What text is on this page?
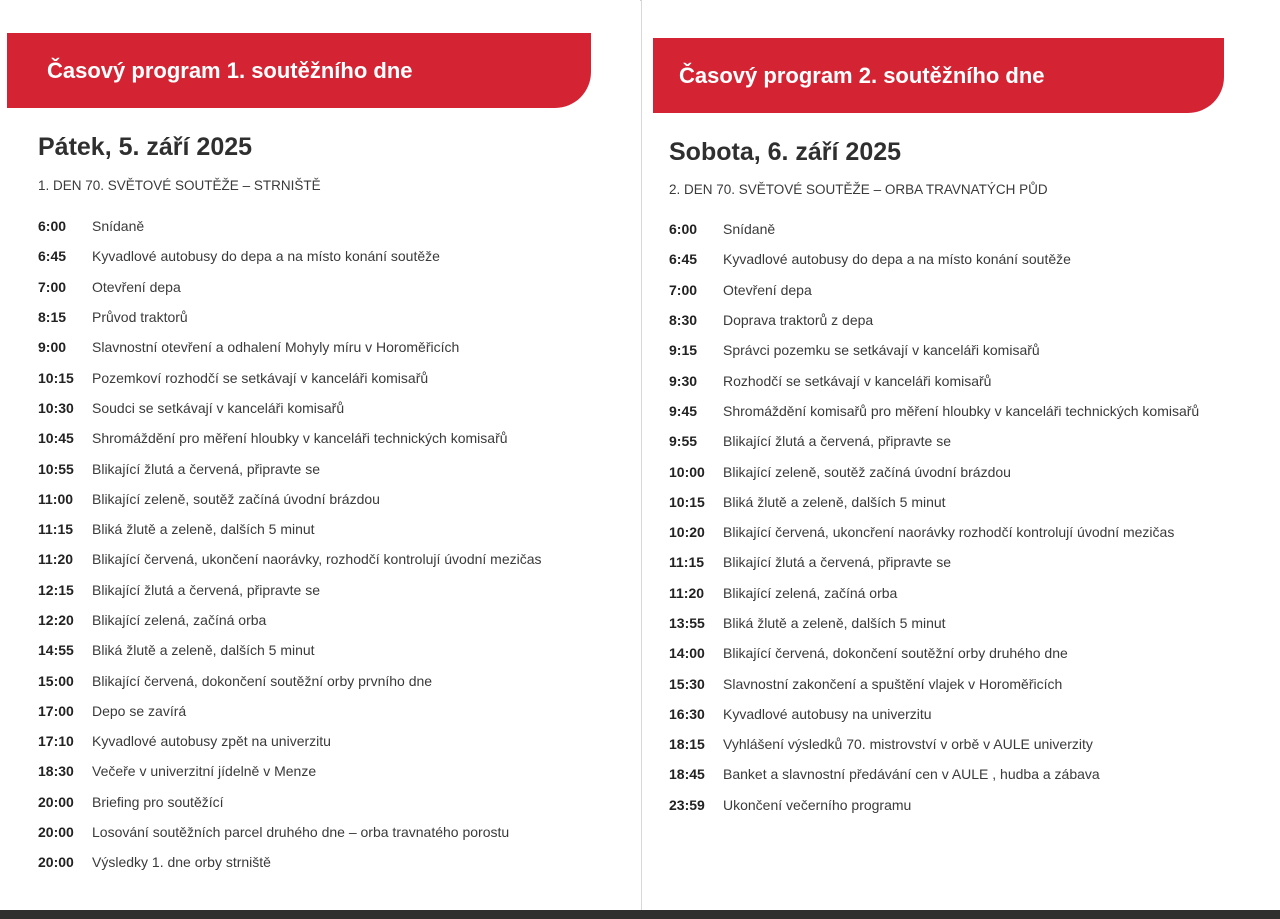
Časový program 1. soutěžního dne
Pátek, 5. září 2025
1. DEN 70. SVĚTOVÉ SOUTĚŽE – STRNIŠTĚ
6:00	Snídaně
6:45	Kyvadlové autobusy do depa a na místo konání soutěže
7:00	Otevření depa
8:15	Průvod traktorů
9:00	Slavnostní otevření a odhalení Mohyly míru v Horoměřicích
10:15	Pozemkoví rozhodčí se setkávají v kanceláři komisařů
10:30	Soudci se setkávají v kanceláři komisařů
10:45	Shromáždění pro měření hloubky v kanceláři technických komisařů
10:55	Blikající žlutá a červená, připravte se
11:00	Blikající zeleně, soutěž začíná úvodní brázdou
11:15	Bliká žlutě a zeleně, dalších 5 minut
11:20	Blikající červená, ukončení naorávky, rozhodčí kontrolují úvodní mezičas
12:15	Blikající žlutá a červená, připravte se
12:20	Blikající zelená, začíná orba
14:55	Bliká žlutě a zeleně, dalších 5 minut
15:00	Blikající červená, dokončení soutěžní orby prvního dne
17:00	Depo se zavírá
17:10	Kyvadlové autobusy zpět na univerzitu
18:30	Večeře v univerzitní jídelně v Menze
20:00	Briefing pro soutěžící
20:00	Losování soutěžních parcel druhého dne – orba travnatého porostu
20:00	Výsledky 1. dne orby strniště
Časový program 2. soutěžního dne
Sobota, 6. září 2025
2. DEN 70. SVĚTOVÉ SOUTĚŽE – ORBA TRAVNATÝCH PŮD
6:00	Snídaně
6:45	Kyvadlové autobusy do depa a na místo konání soutěže
7:00	Otevření depa
8:30	Doprava traktorů z depa
9:15	Správci pozemku se setkávají v kanceláři komisařů
9:30	Rozhodčí se setkávají v kanceláři komisařů
9:45	Shromáždění komisařů pro měření hloubky v kanceláři technických komisařů
9:55	Blikající žlutá a červená, připravte se
10:00	Blikající zeleně, soutěž začíná úvodní brázdou
10:15	Bliká žlutě a zeleně, dalších 5 minut
10:20	Blikající červená, ukoncření naorávky rozhodčí kontrolují úvodní mezičas
11:15	Blikající žlutá a červená, připravte se
11:20	Blikající zelená, začíná orba
13:55	Bliká žlutě a zeleně, dalších 5 minut
14:00	Blikající červená, dokončení soutěžní orby druhého dne
15:30	Slavnostní zakončení a spuštění vlajek v Horoměřicích
16:30	Kyvadlové autobusy na univerzitu
18:15	Vyhlášení výsledků 70. mistrovství v orbě v AULE univerzity
18:45	Banket a slavnostní předávání cen v AULE , hudba a zábava
23:59	Ukončení večerního programu
